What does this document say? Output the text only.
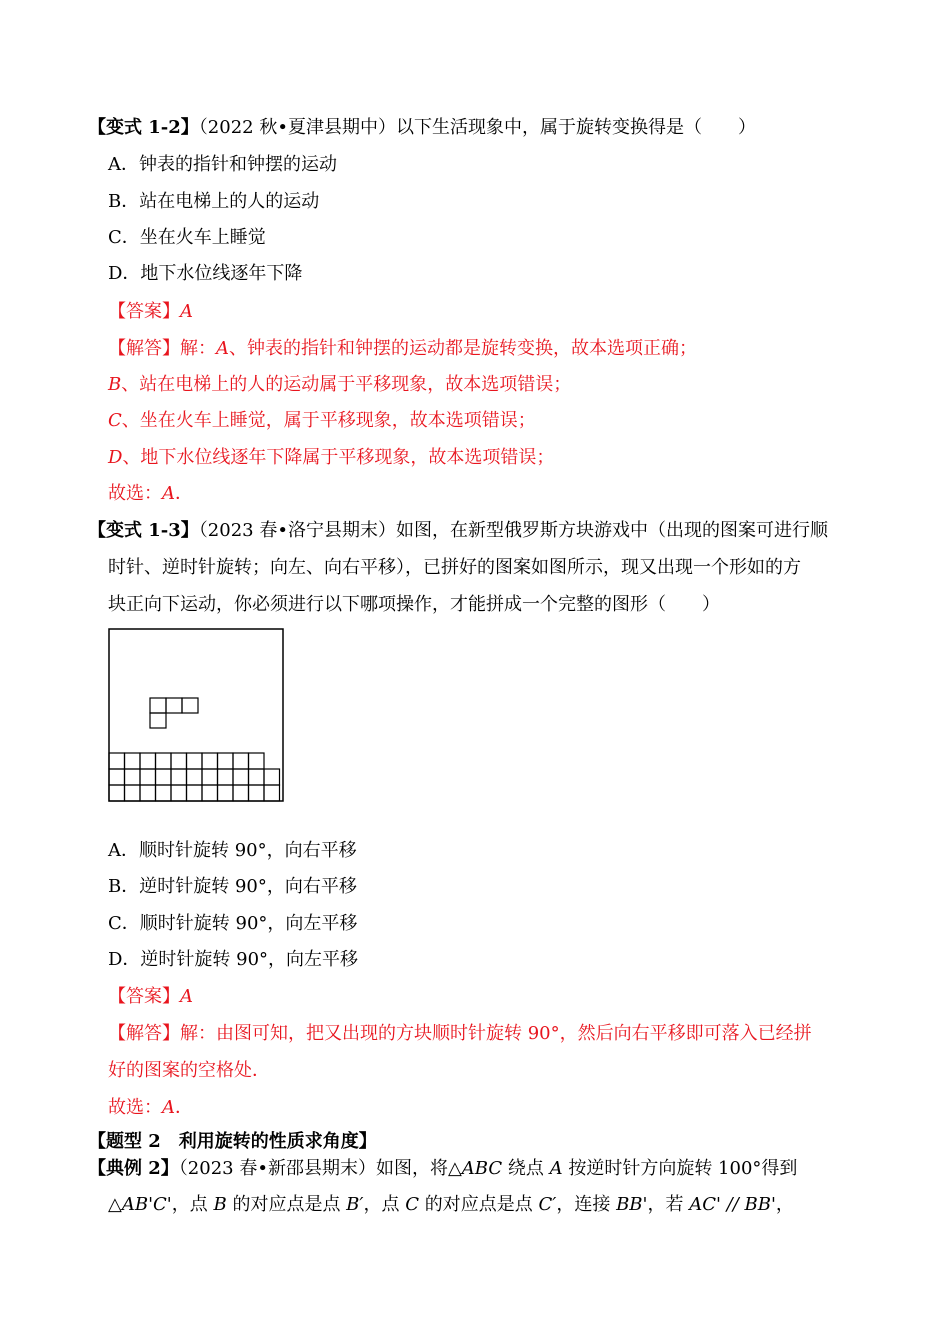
【变式 1-2】（2022 秋•夏津县期中）以下生活现象中，属于旋转变换得是（　　）
A．钟表的指针和钟摆的运动
B．站在电梯上的人的运动
C．坐在火车上睡觉
D．地下水位线逐年下降
【答案】A
【解答】解：A、钟表的指针和钟摆的运动都是旋转变换，故本选项正确；
B、站在电梯上的人的运动属于平移现象，故本选项错误；
C、坐在火车上睡觉，属于平移现象，故本选项错误；
D、地下水位线逐年下降属于平移现象，故本选项错误；
故选：A．
【变式 1-3】（2023 春•洛宁县期末）如图，在新型俄罗斯方块游戏中（出现的图案可进行顺
时针、逆时针旋转；向左、向右平移），已拼好的图案如图所示，现又出现一个形如的方
块正向下运动，你必须进行以下哪项操作，才能拼成一个完整的图形（　　）
A．顺时针旋转 90°，向右平移
B．逆时针旋转 90°，向右平移
C．顺时针旋转 90°，向左平移
D．逆时针旋转 90°，向左平移
【答案】A
【解答】解：由图可知，把又出现的方块顺时针旋转 90°，然后向右平移即可落入已经拼
好的图案的空格处．
故选：A．
【题型 2　利用旋转的性质求角度】
【典例 2】（2023 春•新邵县期末）如图，将△ABC 绕点 A 按逆时针方向旋转 100°得到
△AB'C'，点 B 的对应点是点 B′，点 C 的对应点是点 C′，连接 BB'，若 AC' // BB'，
